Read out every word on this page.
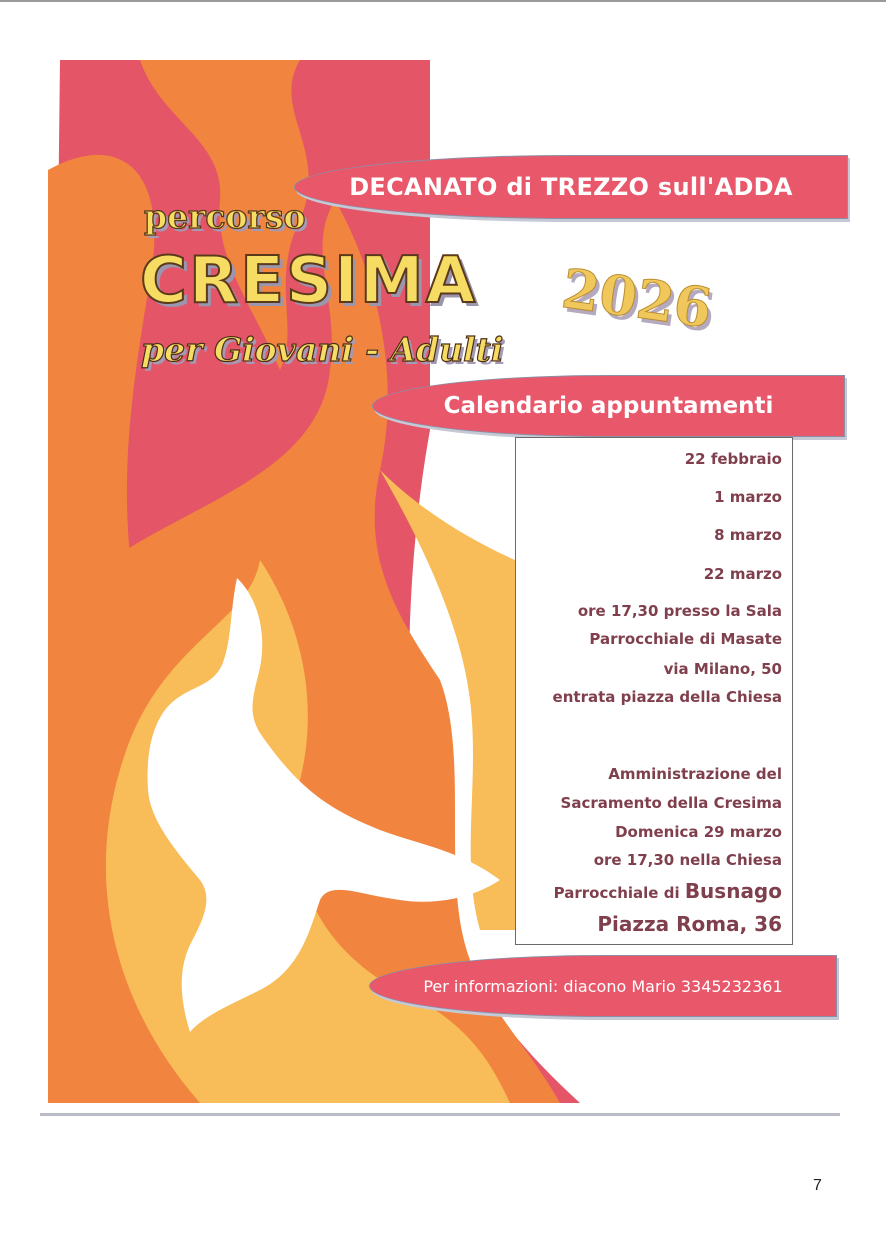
DECANATO di TREZZO sull'ADDA
percorso
CRESIMA
per Giovani - Adulti
2026
Calendario appuntamenti
22 febbraio
1 marzo
8 marzo
22 marzo
ore 17,30 presso la Sala
Parrocchiale di Masate
via Milano, 50
entrata piazza della Chiesa
Amministrazione del
Sacramento della Cresima
Domenica 29 marzo
ore 17,30 nella Chiesa
Parrocchiale di Busnago
Piazza Roma, 36
Per informazioni: diacono Mario 3345232361
7
